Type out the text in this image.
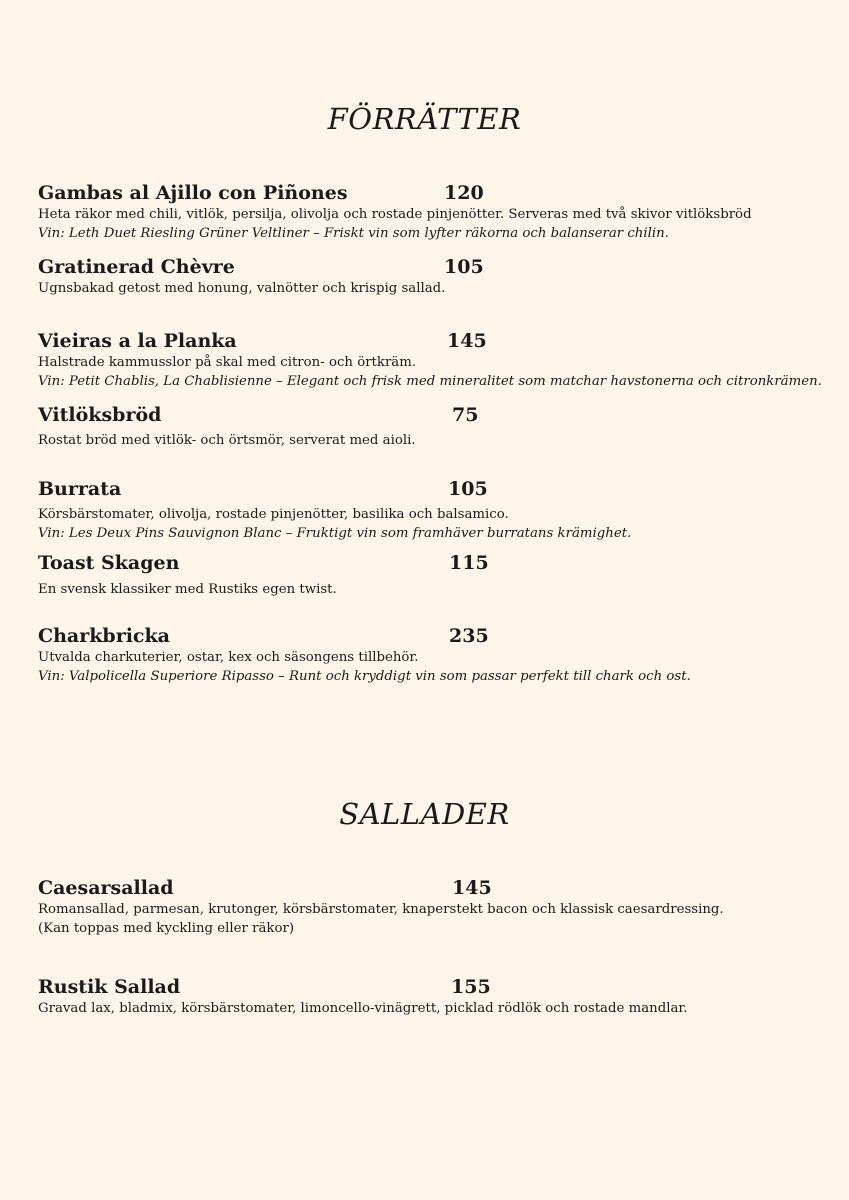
FÖRRÄTTER
Gambas al Ajillo con Piñones	120
Heta räkor med chili, vitlök, persilja, olivolja och rostade pinjenötter. Serveras med två skivor vitlöksbröd
Vin: Leth Duet Riesling Grüner Veltliner – Friskt vin som lyfter räkorna och balanserar chilin.
Gratinerad Chèvre	105
Ugnsbakad getost med honung, valnötter och krispig sallad.
Vieiras a la Planka	145
Halstrade kammusslor på skal med citron- och örtkräm.
Vin: Petit Chablis, La Chablisienne – Elegant och frisk med mineralitet som matchar havstonerna och citronkrämen.
Vitlöksbröd	75
Rostat bröd med vitlök- och örtsmör, serverat med aioli.
Burrata	105
Körsbärstomater, olivolja, rostade pinjenötter, basilika och balsamico.
Vin: Les Deux Pins Sauvignon Blanc – Fruktigt vin som framhäver burratans krämighet.
Toast Skagen	115
En svensk klassiker med Rustiks egen twist.
Charkbricka	235
Utvalda charkuterier, ostar, kex och säsongens tillbehör.
Vin: Valpolicella Superiore Ripasso – Runt och kryddigt vin som passar perfekt till chark och ost.
SALLADER
Caesarsallad	145
Romansallad, parmesan, krutonger, körsbärstomater, knaperstekt bacon och klassisk caesardressing.
(Kan toppas med kyckling eller räkor)
Rustik Sallad	155
Gravad lax, bladmix, körsbärstomater, limoncello-vinägrett, picklad rödlök och rostade mandlar.
